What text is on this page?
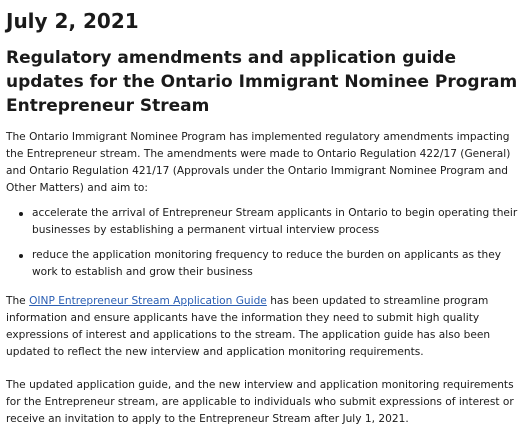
July 2, 2021
Regulatory amendments and application guide updates for the Ontario Immigrant Nominee Program Entrepreneur Stream

The Ontario Immigrant Nominee Program has implemented regulatory amendments impacting the Entrepreneur stream. The amendments were made to Ontario Regulation 422/17 (General) and Ontario Regulation 421/17 (Approvals under the Ontario Immigrant Nominee Program and Other Matters) and aim to:

accelerate the arrival of Entrepreneur Stream applicants in Ontario to begin operating their businesses by establishing a permanent virtual interview process
reduce the application monitoring frequency to reduce the burden on applicants as they work to establish and grow their business

The OINP Entrepreneur Stream Application Guide has been updated to streamline program information and ensure applicants have the information they need to submit high quality expressions of interest and applications to the stream. The application guide has also been updated to reflect the new interview and application monitoring requirements.

The updated application guide, and the new interview and application monitoring requirements for the Entrepreneur stream, are applicable to individuals who submit expressions of interest or receive an invitation to apply to the Entrepreneur Stream after July 1, 2021.
